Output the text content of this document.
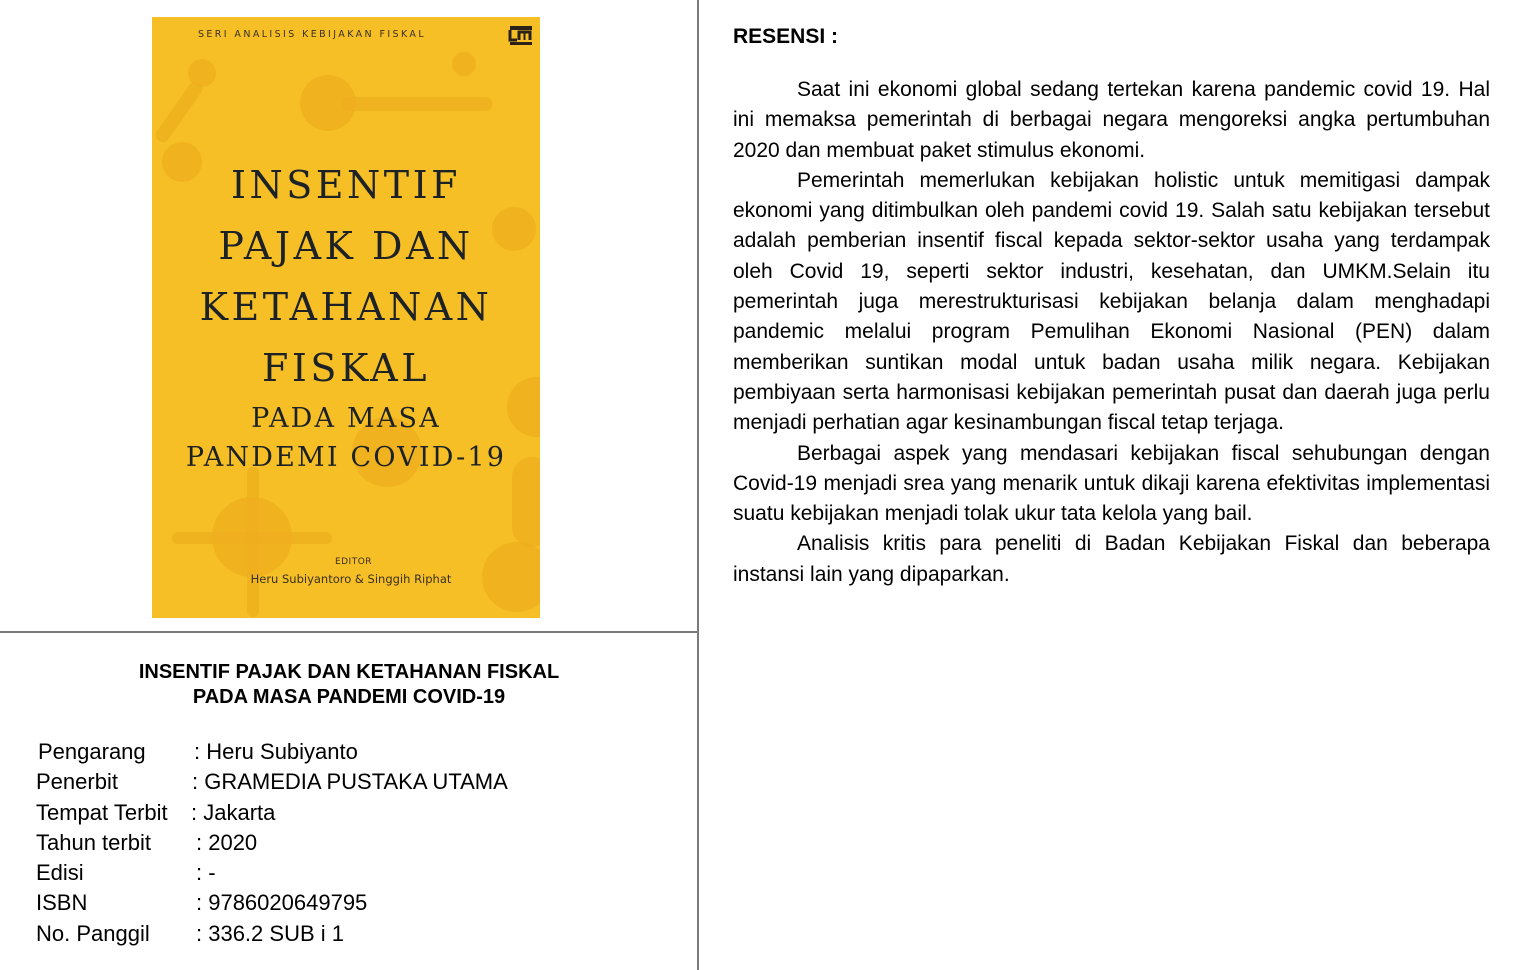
SERI ANALISIS KEBIJAKAN FISKAL
INSENTIF
PAJAK DAN
KETAHANAN
FISKAL
PADA MASA
PANDEMI COVID-19
EDITOR
Heru Subiyantoro & Singgih Riphat
INSENTIF PAJAK DAN KETAHANAN FISKAL
PADA MASA PANDEMI COVID-19
Pengarang : Heru Subiyanto
Penerbit	: GRAMEDIA PUSTAKA UTAMA
Tempat Terbit : Jakarta
Tahun terbit : 2020
Edisi	: -
ISBN	: 9786020649795
No. Panggil : 336.2 SUB i 1
RESENSI :

Saat ini ekonomi global sedang tertekan karena pandemic covid 19. Hal ini memaksa pemerintah di berbagai negara mengoreksi angka pertumbuhan 2020 dan membuat paket stimulus ekonomi.

Pemerintah memerlukan kebijakan holistic untuk memitigasi dampak ekonomi yang ditimbulkan oleh pandemi covid 19. Salah satu kebijakan tersebut adalah pemberian insentif fiscal kepada sektor-sektor usaha yang terdampak oleh Covid 19, seperti sektor industri, kesehatan, dan UMKM.Selain itu pemerintah juga merestrukturisasi kebijakan belanja dalam menghadapi pandemic melalui program Pemulihan Ekonomi Nasional (PEN) dalam memberikan suntikan modal untuk badan usaha milik negara. Kebijakan pembiyaan serta harmonisasi kebijakan pemerintah pusat dan daerah juga perlu menjadi perhatian agar kesinambungan fiscal tetap terjaga.

Berbagai aspek yang mendasari kebijakan fiscal sehubungan dengan Covid-19 menjadi srea yang menarik untuk dikaji karena efektivitas implementasi suatu kebijakan menjadi tolak ukur tata kelola yang bail.

Analisis kritis para peneliti di Badan Kebijakan Fiskal dan beberapa instansi lain yang dipaparkan.
